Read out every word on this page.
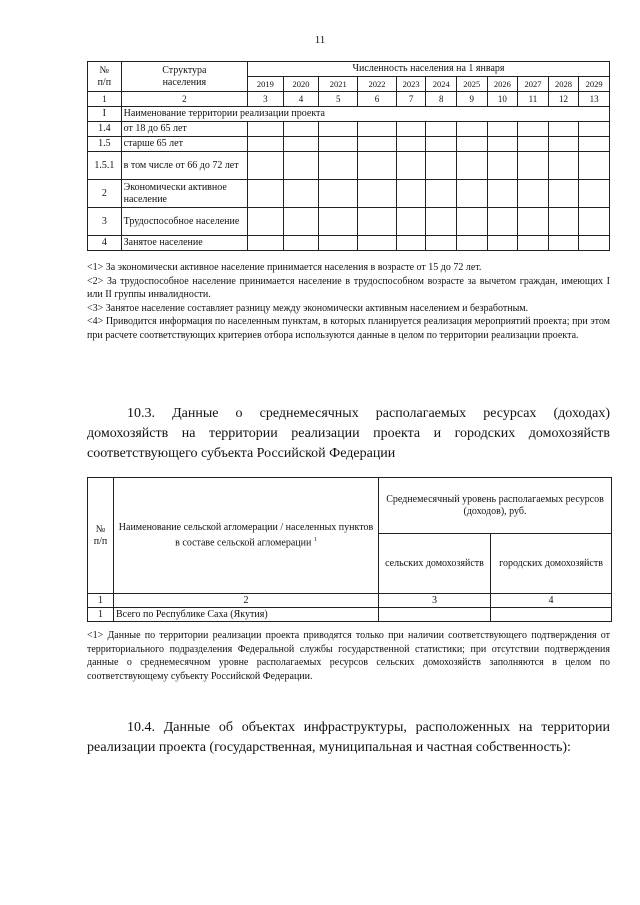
11
№
п/п	Структура
населения	Численность населения на 1 января										
		2019	2020	2021	2022	2023	2024	2025	2026	2027	2028	2029
1	2	3	4	5	6	7	8	9	10	11	12	13
I	Наименование территории реализации проекта											
1.4	от 18 до 65 лет											
1.5	старше 65 лет											
1.5.1	в том числе от 66 до 72 лет											
2	Экономически активное население											
3	Трудоспособное население											
4	Занятое население											

<1> За экономически активное население принимается населения в возрасте от 15 до 72 лет.

<2> За трудоспособное население принимается население в трудоспособном возрасте за вычетом граждан, имеющих I или II группы инвалидности.

<3> Занятое население составляет разницу между экономически активным населением и безработным.

<4> Приводится информация по населенным пунктам, в которых планируется реализация мероприятий проекта; при этом при расчете соответствующих критериев отбора используются данные в целом по территории реализации проекта.

10.3. Данные о среднемесячных располагаемых ресурсах (доходах) домохозяйств на территории реализации проекта и городских домохозяйств соответствующего субъекта Российской Федерации

№
п/п	Наименование сельской агломерации / населенных пунктов в составе сельской агломерации $^1$	Среднемесячный уровень располагаемых ресурсов (доходов), руб.	
		сельских домохозяйств	городских домохозяйств
1	2	3	4
1	Всего по Республике Саха (Якутия)		

<1> Данные по территории реализации проекта приводятся только при наличии соответствующего подтверждения от территориального подразделения Федеральной службы государственной статистики; при отсутствии подтверждения данные о среднемесячном уровне располагаемых ресурсов сельских домохозяйств заполняются в целом по соответствующему субъекту Российской Федерации.

10.4. Данные об объектах инфраструктуры, расположенных на территории реализации проекта (государственная, муниципальная и частная собственность):
